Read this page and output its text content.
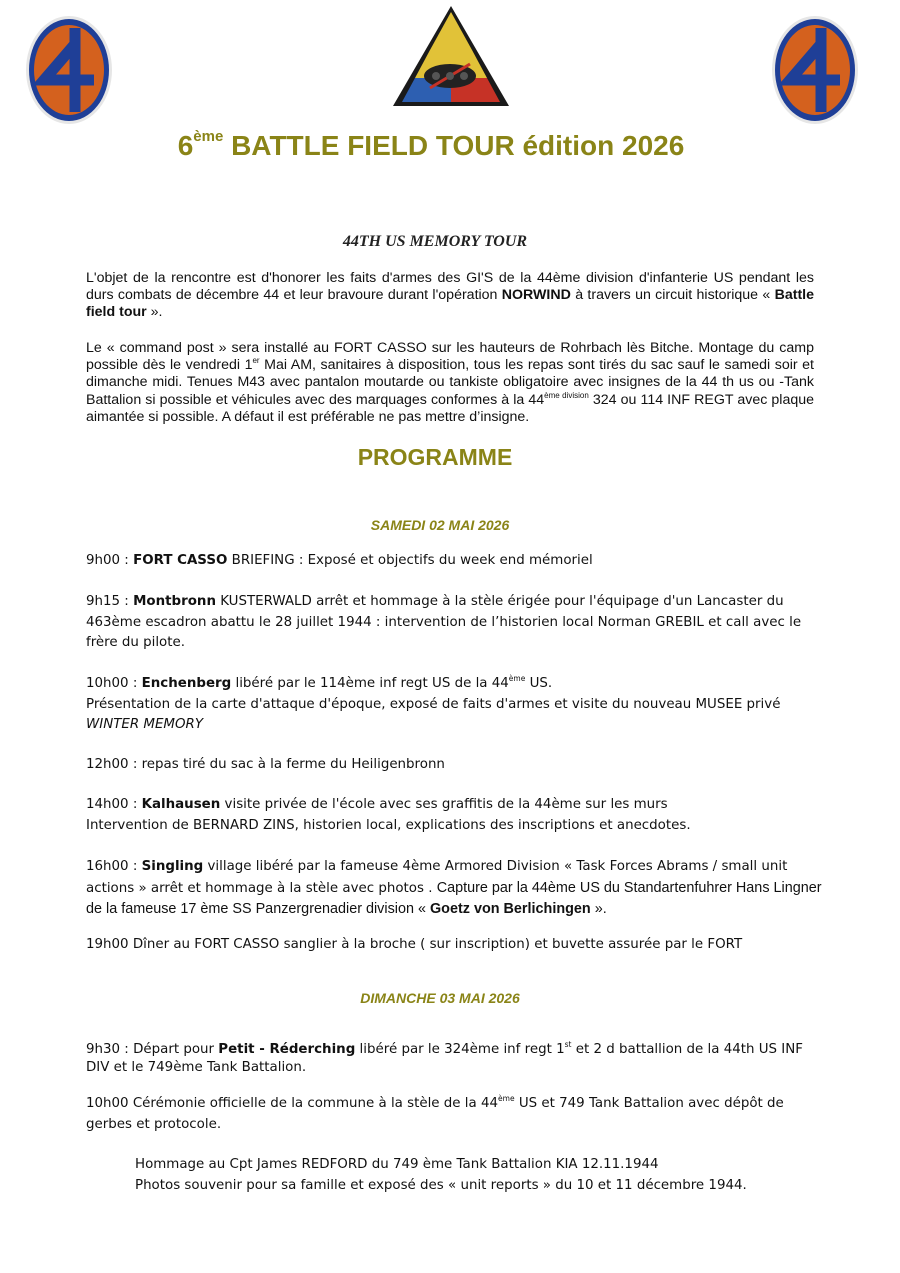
6ème BATTLE FIELD TOUR édition 2026
44TH US MEMORY TOUR
L'objet de la rencontre est d'honorer les faits d'armes des GI'S de la 44ème division d'infanterie US pendant les durs combats de décembre 44 et leur bravoure durant l'opération NORWIND à travers un circuit historique « Battle field tour ».
Le « command post » sera installé au FORT CASSO sur les hauteurs de Rohrbach lès Bitche. Montage du camp possible dès le vendredi 1er Mai AM, sanitaires à disposition, tous les repas sont tirés du sac sauf le samedi soir et dimanche midi. Tenues M43 avec pantalon moutarde ou tankiste obligatoire avec insignes de la 44 th us ou -Tank Battalion si possible et véhicules avec des marquages conformes à la $44^{ème division}$ 324 ou 114 INF REGT avec plaque aimantée si possible. A défaut il est préférable ne pas mettre d’insigne.
PROGRAMME
SAMEDI 02 MAI 2026
9h00 : FORT CASSO BRIEFING : Exposé et objectifs du week end mémoriel
9h15 : Montbronn KUSTERWALD arrêt et hommage à la stèle érigée pour l'équipage d'un Lancaster du 463ème escadron abattu le 28 juillet 1944 : intervention de l’historien local Norman GREBIL et call avec le frère du pilote.
10h00 : Enchenberg libéré par le 114ème inf regt US de la 44ème US.
Présentation de la carte d'attaque d'époque, exposé de faits d'armes et visite du nouveau MUSEE privé
WINTER MEMORY
12h00 : repas tiré du sac à la ferme du Heiligenbronn
14h00 : Kalhausen visite privée de l'école avec ses graffitis de la 44ème sur les murs
Intervention de BERNARD ZINS, historien local, explications des inscriptions et anecdotes.
16h00 : Singling village libéré par la fameuse 4ème Armored Division « Task Forces Abrams / small unit actions » arrêt et hommage à la stèle avec photos . Capture par la 44ème US du Standartenfuhrer Hans Lingner de la fameuse 17 ème SS Panzergrenadier division « Goetz von Berlichingen ».
19h00 Dîner au FORT CASSO sanglier à la broche ( sur inscription) et buvette assurée par le FORT
DIMANCHE 03 MAI 2026
9h30 : Départ pour Petit - Réderching libéré par le 324ème inf regt 1st et 2 d battallion de la 44th US INF DIV et le 749ème Tank Battalion.
10h00 Cérémonie officielle de la commune à la stèle de la 44ème US et 749 Tank Battalion avec dépôt de gerbes et protocole.
Hommage au Cpt James REDFORD du 749 ème Tank Battalion KIA 12.11.1944
Photos souvenir pour sa famille et exposé des « unit reports » du 10 et 11 décembre 1944.
